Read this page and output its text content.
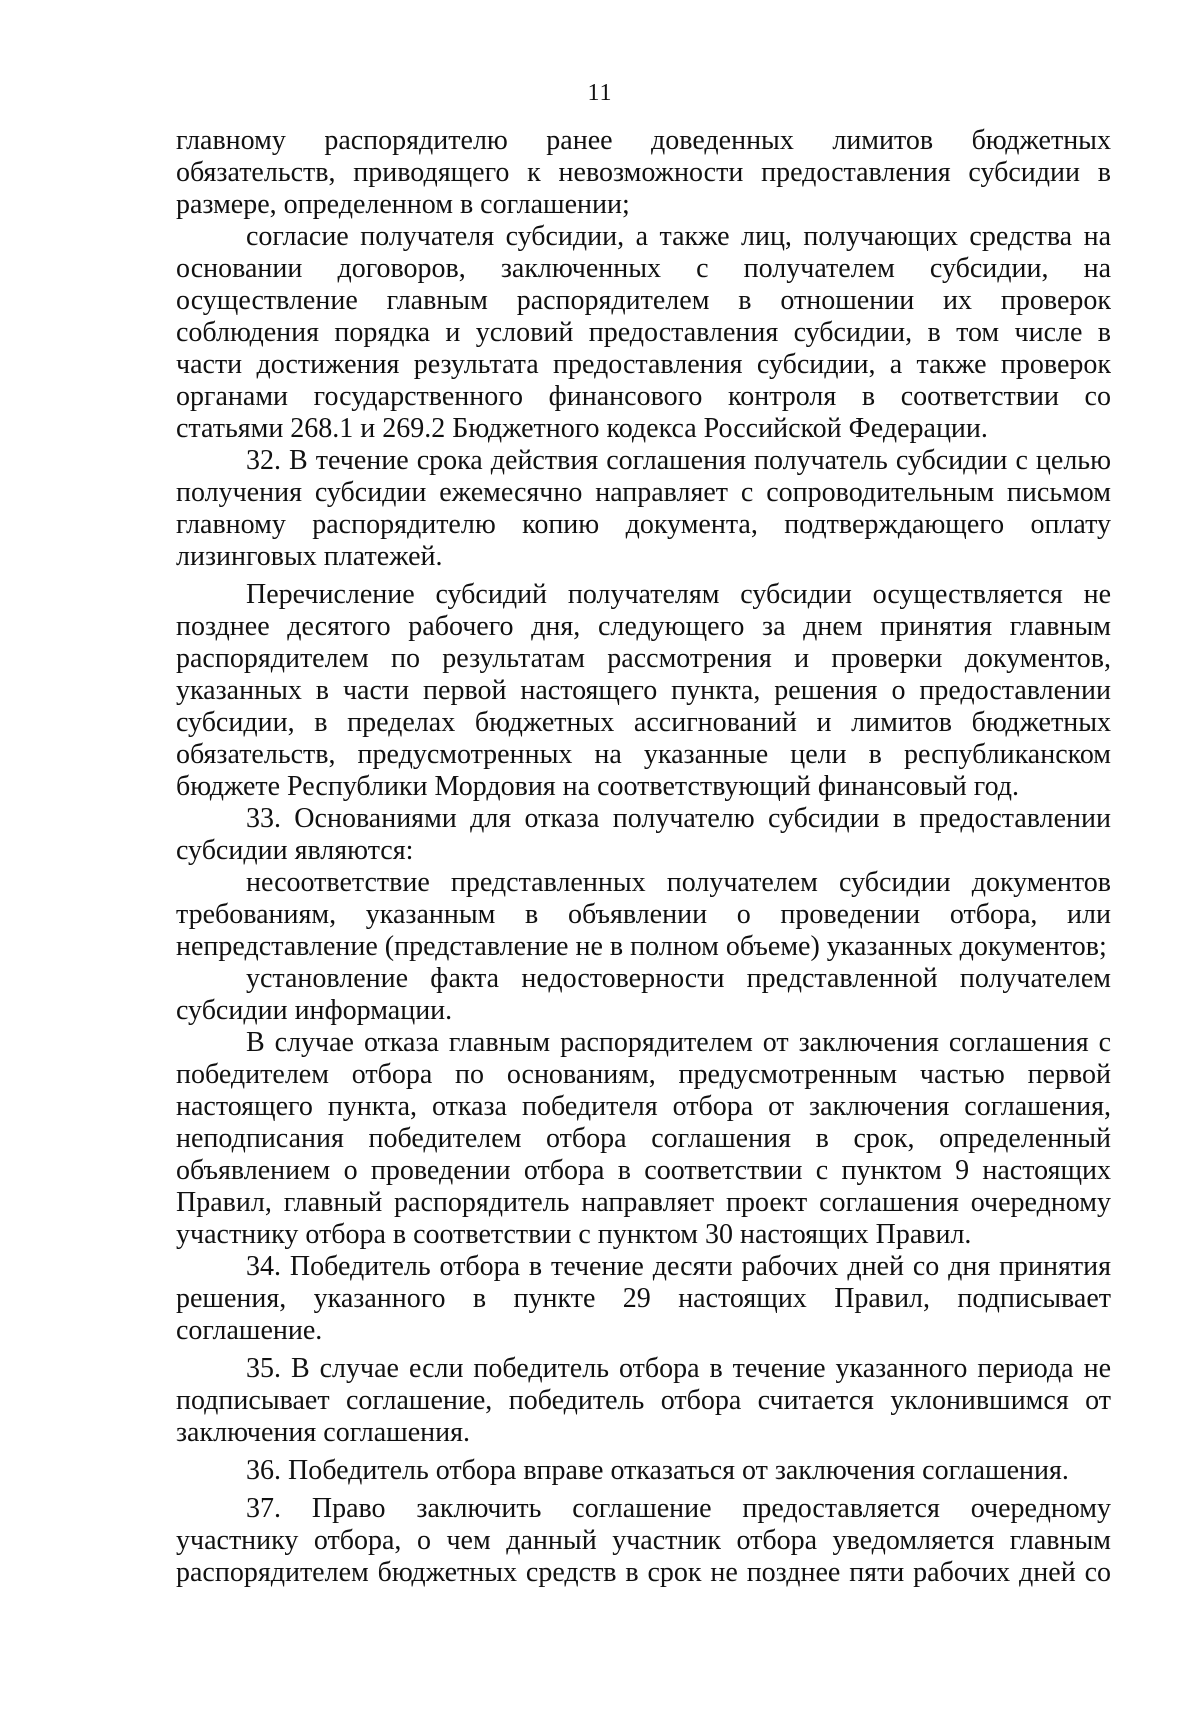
11

главному распорядителю ранее доведенных лимитов бюджетных

обязательств, приводящего к невозможности предоставления субсидии в

размере, определенном в соглашении;

согласие получателя субсидии, а также лиц, получающих средства на

основании договоров, заключенных с получателем субсидии, на

осуществление главным распорядителем в отношении их проверок

соблюдения порядка и условий предоставления субсидии, в том числе в

части достижения результата предоставления субсидии, а также проверок

органами государственного финансового контроля в соответствии со

статьями 268.1 и 269.2 Бюджетного кодекса Российской Федерации.

32. В течение срока действия соглашения получатель субсидии с целью

получения субсидии ежемесячно направляет с сопроводительным письмом

главному распорядителю копию документа, подтверждающего оплату

лизинговых платежей.

Перечисление субсидий получателям субсидии осуществляется не

позднее десятого рабочего дня, следующего за днем принятия главным

распорядителем по результатам рассмотрения и проверки документов,

указанных в части первой настоящего пункта, решения о предоставлении

субсидии, в пределах бюджетных ассигнований и лимитов бюджетных

обязательств, предусмотренных на указанные цели в республиканском

бюджете Республики Мордовия на соответствующий финансовый год.

33. Основаниями для отказа получателю субсидии в предоставлении

субсидии являются:

несоответствие представленных получателем субсидии документов

требованиям, указанным в объявлении о проведении отбора, или

непредставление (представление не в полном объеме) указанных документов;

установление факта недостоверности представленной получателем

субсидии информации.

В случае отказа главным распорядителем от заключения соглашения с

победителем отбора по основаниям, предусмотренным частью первой

настоящего пункта, отказа победителя отбора от заключения соглашения,

неподписания победителем отбора соглашения в срок, определенный

объявлением о проведении отбора в соответствии с пунктом 9 настоящих

Правил, главный распорядитель направляет проект соглашения очередному

участнику отбора в соответствии с пунктом 30 настоящих Правил.

34. Победитель отбора в течение десяти рабочих дней со дня принятия

решения, указанного в пункте 29 настоящих Правил, подписывает

соглашение.

35. В случае если победитель отбора в течение указанного периода не

подписывает соглашение, победитель отбора считается уклонившимся от

заключения соглашения.

36. Победитель отбора вправе отказаться от заключения соглашения.

37. Право заключить соглашение предоставляется очередному

участнику отбора, о чем данный участник отбора уведомляется главным

распорядителем бюджетных средств в срок не позднее пяти рабочих дней со
